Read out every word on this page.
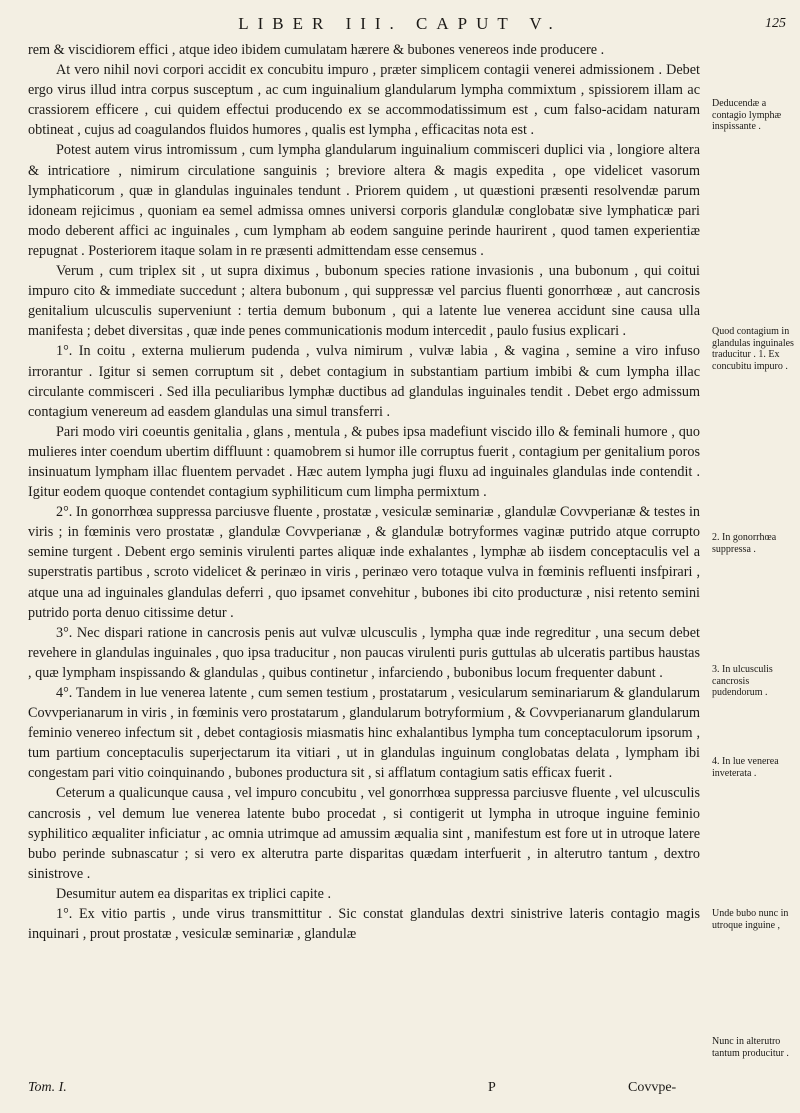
LIBER III. CAPUT V.	125

rem & viscidiorem effici , atque ideo ibidem cumulatam hærere & bubones venereos inde producere .

At vero nihil novi corpori accidit ex concubitu impuro , præter simplicem contagii venerei admissionem . Debet ergo virus illud intra corpus susceptum , ac cum inguinalium glandularum lympha commixtum , spissiorem illam ac crassiorem efficere , cui quidem effectui producendo ex se accommodatissimum est , cum falso-acidam naturam obtineat , cujus ad coagulandos fluidos humores , qualis est lympha , efficacitas nota est .

Potest autem virus intromissum , cum lympha glandularum inguinalium commisceri duplici via , longiore altera & intricatiore , nimirum circulatione sanguinis ; breviore altera & magis expedita , ope videlicet vasorum lymphaticorum , quæ in glandulas inguinales tendunt . Priorem quidem , ut quæstioni præsenti resolvendæ parum idoneam rejicimus , quoniam ea semel admissa omnes universi corporis glandulæ conglobatæ sive lymphaticæ pari modo deberent affici ac inguinales , cum lympham ab eodem sanguine perinde haurirent , quod tamen experientiæ repugnat . Posteriorem itaque solam in re præsenti admittendam esse censemus .

Verum , cum triplex sit , ut supra diximus , bubonum species ratione invasionis , una bubonum , qui coitui impuro cito & immediate succedunt ; altera bubonum , qui suppressæ vel parcius fluenti gonorrhœæ , aut cancrosis genitalium ulcusculis superveniunt : tertia demum bubonum , qui a latente lue venerea accidunt sine causa ulla manifesta ; debet diversitas , quæ inde penes communicationis modum intercedit , paulo fusius explicari .

1°. In coitu , externa mulierum pudenda , vulva nimirum , vulvæ labia , & vagina , semine a viro infuso irrorantur . Igitur si semen corruptum sit , debet contagium in substantiam partium imbibi & cum lympha illac circulante commisceri . Sed illa peculiaribus lymphæ ductibus ad glandulas inguinales tendit . Debet ergo admissum contagium venereum ad easdem glandulas una simul transferri .

Pari modo viri coeuntis genitalia , glans , mentula , & pubes ipsa madefiunt viscido illo & feminali humore , quo mulieres inter coendum ubertim diffluunt : quamobrem si humor ille corruptus fuerit , contagium per genitalium poros insinuatum lympham illac fluentem pervadet . Hæc autem lympha jugi fluxu ad inguinales glandulas inde contendit . Igitur eodem quoque contendet contagium syphiliticum cum limpha permixtum .

2°. In gonorrhœa suppressa parciusve fluente , prostatæ , vesiculæ seminariæ , glandulæ Covvperianæ & testes in viris ; in fœminis vero prostatæ , glandulæ Covvperianæ , & glandulæ botryformes vaginæ putrido atque corrupto semine turgent . Debent ergo seminis virulenti partes aliquæ inde exhalantes , lymphæ ab iisdem conceptaculis vel a superstratis partibus , scroto videlicet & perinæo in viris , perinæo vero totaque vulva in fœminis refluenti insfpirari , atque una ad inguinales glandulas deferri , quo ipsamet convehitur , bubones ibi cito producturæ , nisi retento semini putrido porta denuo citissime detur .

3°. Nec dispari ratione in cancrosis penis aut vulvæ ulcusculis , lympha quæ inde regreditur , una secum debet revehere in glandulas inguinales , quo ipsa traducitur , non paucas virulenti puris guttulas ab ulceratis partibus haustas , quæ lympham inspissando & glandulas , quibus continetur , infarciendo , bubonibus locum frequenter dabunt .

4°. Tandem in lue venerea latente , cum semen testium , prostatarum , vesicularum seminariarum & glandularum Covvperianarum in viris , in fœminis vero prostatarum , glandularum botryformium , & Covvperianarum glandularum feminio venereo infectum sit , debet contagiosis miasmatis hinc exhalantibus lympha tum conceptaculorum ipsorum , tum partium conceptaculis superjectarum ita vitiari , ut in glandulas inguinum conglobatas delata , lympham ibi congestam pari vitio coinquinando , bubones productura sit , si afflatum contagium satis efficax fuerit .

Ceterum a qualicunque causa , vel impuro concubitu , vel gonorrhœa suppressa parciusve fluente , vel ulcusculis cancrosis , vel demum lue venerea latente bubo procedat , si contigerit ut lympha in utroque inguine feminio syphilitico æqualiter inficiatur , ac omnia utrimque ad amussim æqualia sint , manifestum est fore ut in utroque latere bubo perinde subnascatur ; si vero ex alterutra parte disparitas quædam interfuerit , in alterutro tantum , dextro sinistrove .

Desumitur autem ea disparitas ex triplici capite .

1°. Ex vitio partis , unde virus transmittitur . Sic constat glandulas dextri sinistrive lateris contagio magis inquinari , prout prostatæ , vesiculæ seminariæ , glandulæ

Deducendæ a contagio lymphæ inspissante .
Quod contagium in glandulas inguinales traducitur . 1. Ex concubitu impuro .
2. In gonorrhœa suppressa .
3. In ulcusculis cancrosis pudendorum .
4. In lue venerea inveterata .
Unde bubo nunc in utroque inguine ,
Nunc in alterutro tantum producitur .
Tom. I.	P	Covvpe-
